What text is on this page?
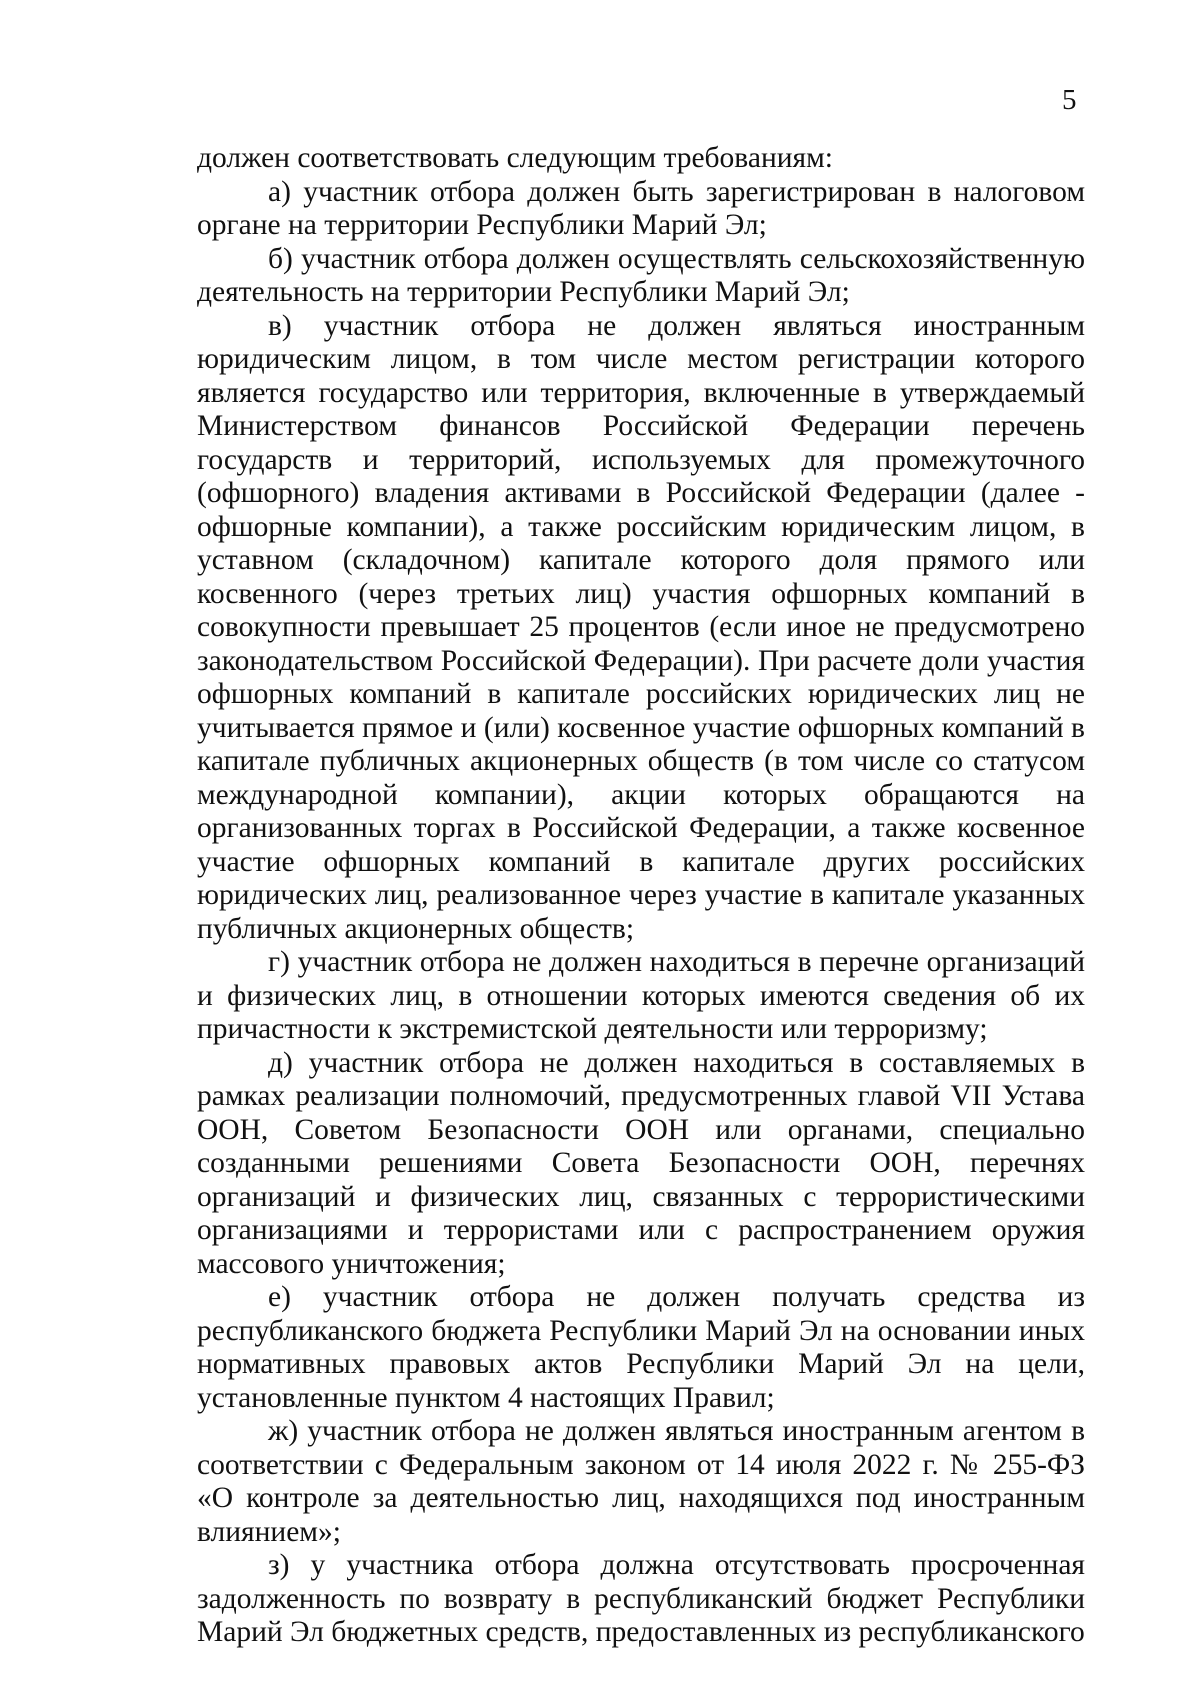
5

должен соответствовать следующим требованиям:

а) участник отбора должен быть зарегистрирован в налоговом органе на территории Республики Марий Эл;

б) участник отбора должен осуществлять сельскохозяйственную деятельность на территории Республики Марий Эл;

в) участник отбора не должен являться иностранным юридическим лицом, в том числе местом регистрации которого является государство или территория, включенные в утверждаемый Министерством финансов Российской Федерации перечень государств и территорий, используемых для промежуточного (офшорного) владения активами в Российской Федерации (далее - офшорные компании), а также российским юридическим лицом, в уставном (складочном) капитале которого доля прямого или косвенного (через третьих лиц) участия офшорных компаний в совокупности превышает 25 процентов (если иное не предусмотрено законодательством Российской Федерации). При расчете доли участия офшорных компаний в капитале российских юридических лиц не учитывается прямое и (или) косвенное участие офшорных компаний в капитале публичных акционерных обществ (в том числе со статусом международной компании), акции которых обращаются на организованных торгах в Российской Федерации, а также косвенное участие офшорных компаний в капитале других российских юридических лиц, реализованное через участие в капитале указанных публичных акционерных обществ;

г) участник отбора не должен находиться в перечне организаций и физических лиц, в отношении которых имеются сведения об их причастности к экстремистской деятельности или терроризму;

д) участник отбора не должен находиться в составляемых в рамках реализации полномочий, предусмотренных главой VII Устава ООН, Советом Безопасности ООН или органами, специально созданными решениями Совета Безопасности ООН, перечнях организаций и физических лиц, связанных с террористическими организациями и террористами или с распространением оружия массового уничтожения;

е) участник отбора не должен получать средства из республиканского бюджета Республики Марий Эл на основании иных нормативных правовых актов Республики Марий Эл на цели, установленные пунктом 4 настоящих Правил;

ж) участник отбора не должен являться иностранным агентом в соответствии с Федеральным законом от 14 июля 2022 г. № 255-ФЗ «О контроле за деятельностью лиц, находящихся под иностранным влиянием»;

з) у участника отбора должна отсутствовать просроченная задолженность по возврату в республиканский бюджет Республики Марий Эл бюджетных средств, предоставленных из республиканского
